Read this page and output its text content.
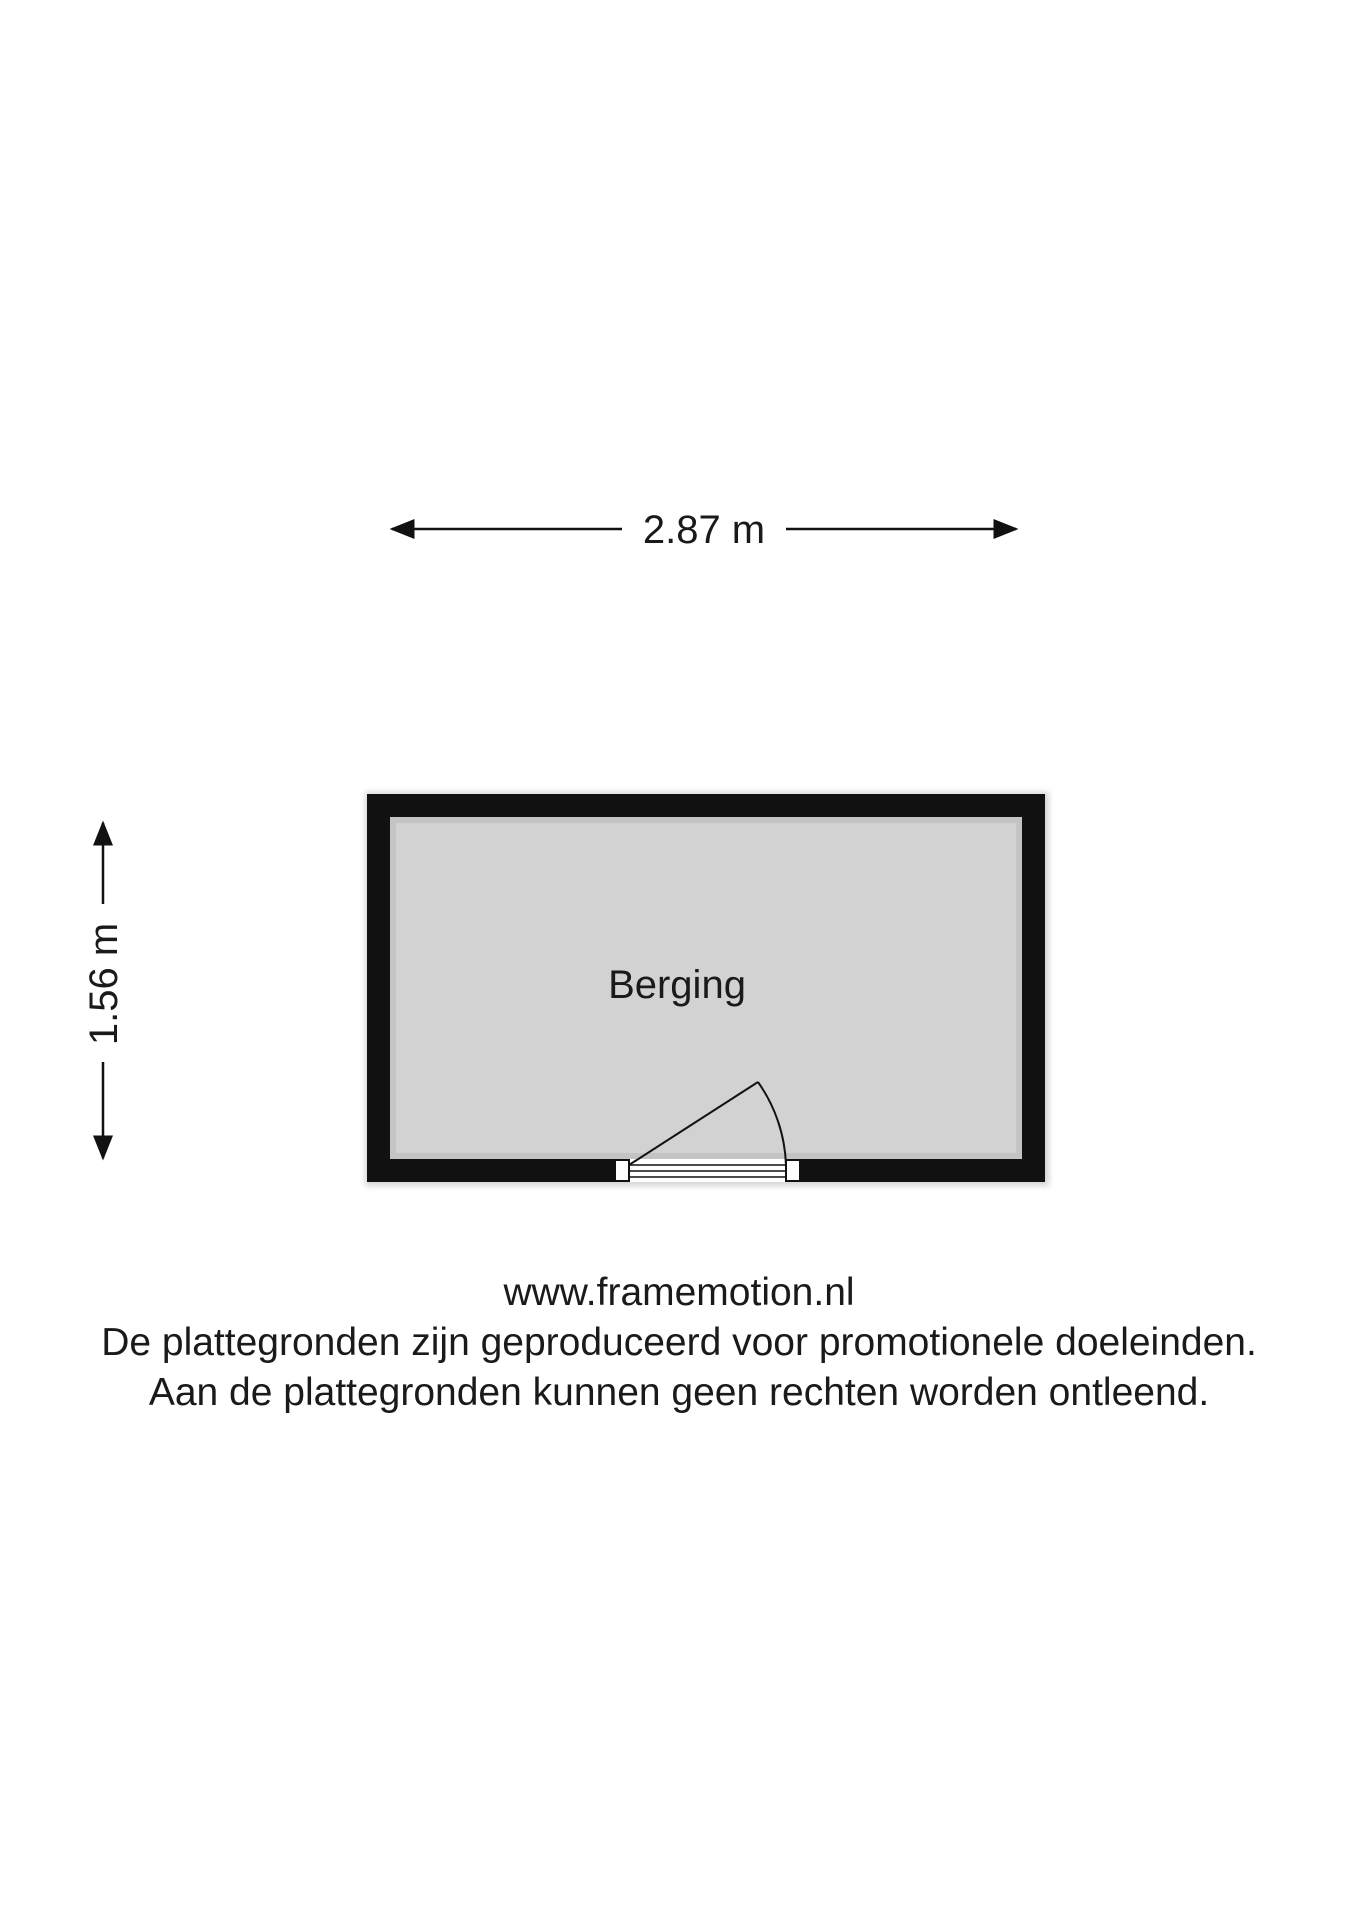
2.87 m
1.56 m	Berging
www.framemotion.nl
De plattegronden zijn geproduceerd voor promotionele doeleinden.
Aan de plattegronden kunnen geen rechten worden ontleend.
